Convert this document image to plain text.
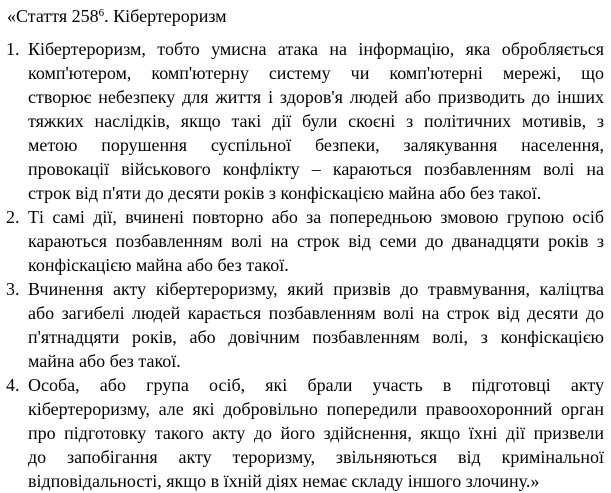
«Стаття $258^6$. Кібертероризм
1. Кібертероризм, тобто умисна атака на інформацію, яка обробляється
комп'ютером, комп'ютерну систему чи комп'ютерні мережі, що
створює небезпеку для життя і здоров'я людей або призводить до інших
тяжких наслідків, якщо такі дії були скоєні з політичних мотивів, з
метою порушення суспільної безпеки, залякування населення,
провокації військового конфлікту – караються позбавленням волі на
строк від п'яти до десяти років з конфіскацією майна або без такої.
2. Ті самі дії, вчинені повторно або за попередньою змовою групою осіб
караються позбавленням волі на строк від семи до дванадцяти років з
конфіскацією майна або без такої.
3. Вчинення акту кібертероризму, який призвів до травмування, каліцтва
або загибелі людей карається позбавленням волі на строк від десяти до
п'ятнадцяти років, або довічним позбавленням волі, з конфіскацією
майна або без такої.
4. Особа, або група осіб, які брали участь в підготовці акту
кібертероризму, але які добровільно попередили правоохоронний орган
про підготовку такого акту до його здійснення, якщо їхні дії призвели
до запобігання акту тероризму, звільняються від кримінальної
відповідальності, якщо в їхній діях немає складу іншого злочину.»
